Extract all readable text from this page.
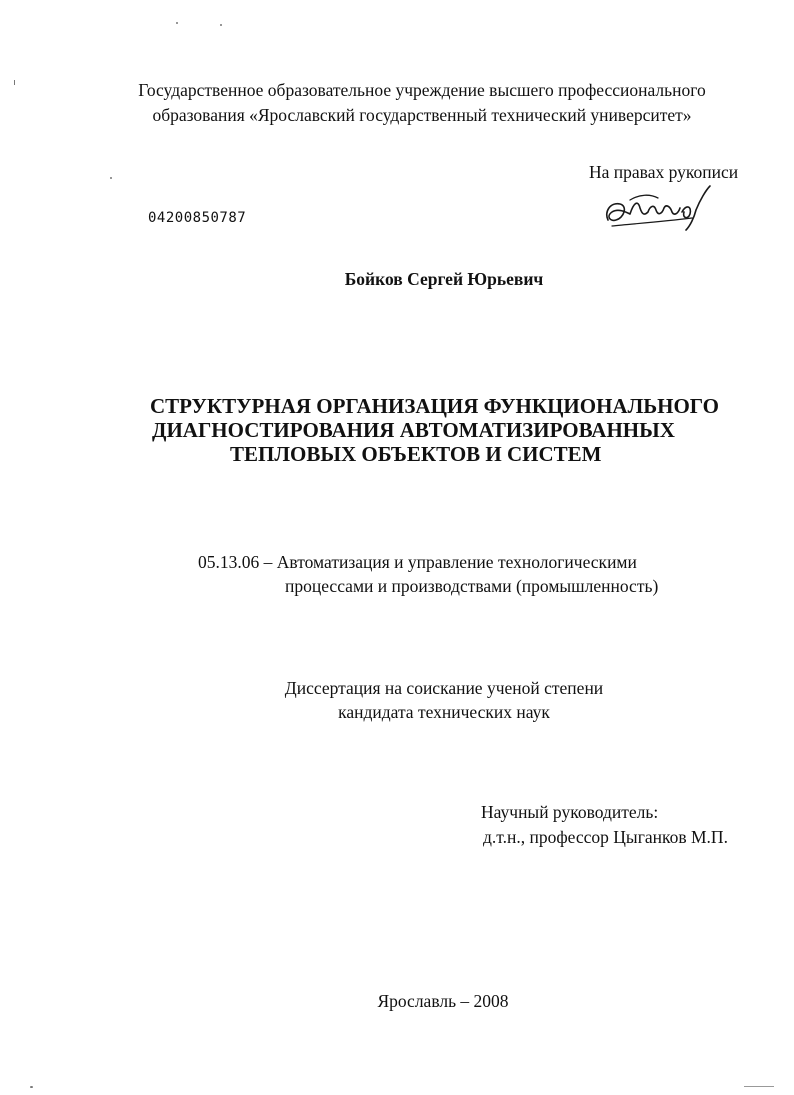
Государственное образовательное учреждение высшего профессионального
образования «Ярославский государственный технический университет»
На правах рукописи
04200850787
Бойков Сергей Юрьевич
СТРУКТУРНАЯ ОРГАНИЗАЦИЯ ФУНКЦИОНАЛЬНОГО
ДИАГНОСТИРОВАНИЯ АВТОМАТИЗИРОВАННЫХ
ТЕПЛОВЫХ ОБЪЕКТОВ И СИСТЕМ
05.13.06 – Автоматизация и управление технологическими
процессами и производствами (промышленность)
Диссертация на соискание ученой степени
кандидата технических наук
Научный руководитель:
д.т.н., профессор Цыганков М.П.
Ярославль – 2008
